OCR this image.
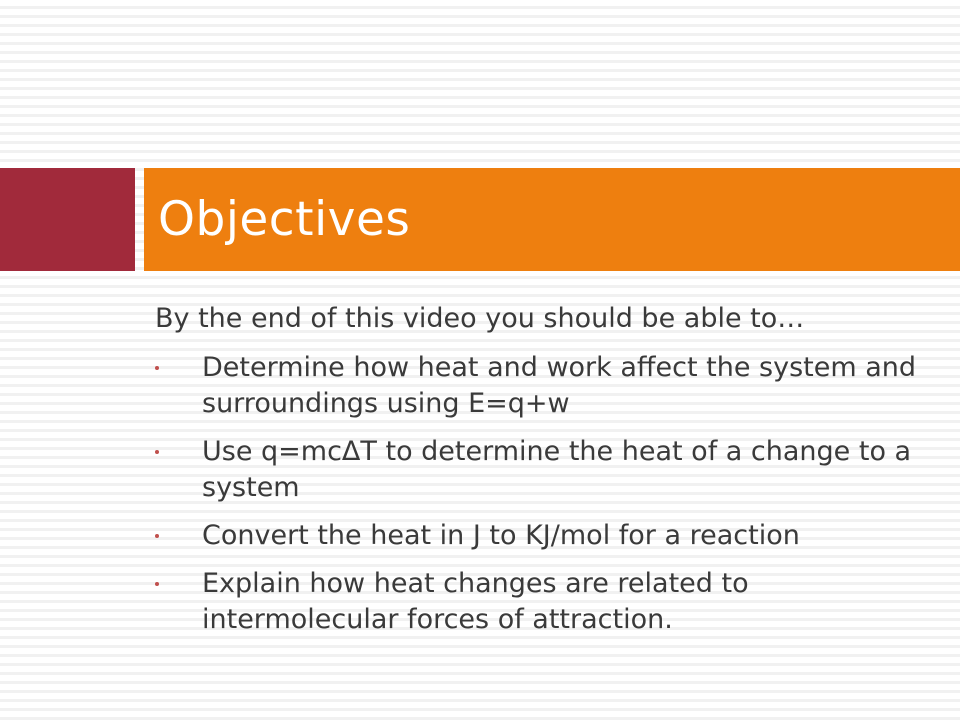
Objectives

By the end of this video you should be able to…

Determine how heat and work affect the system and surroundings using E=q+w
Use q=mcΔT to determine the heat of a change to a system
Convert the heat in J to KJ/mol for a reaction
Explain how heat changes are related to intermolecular forces of attraction.
